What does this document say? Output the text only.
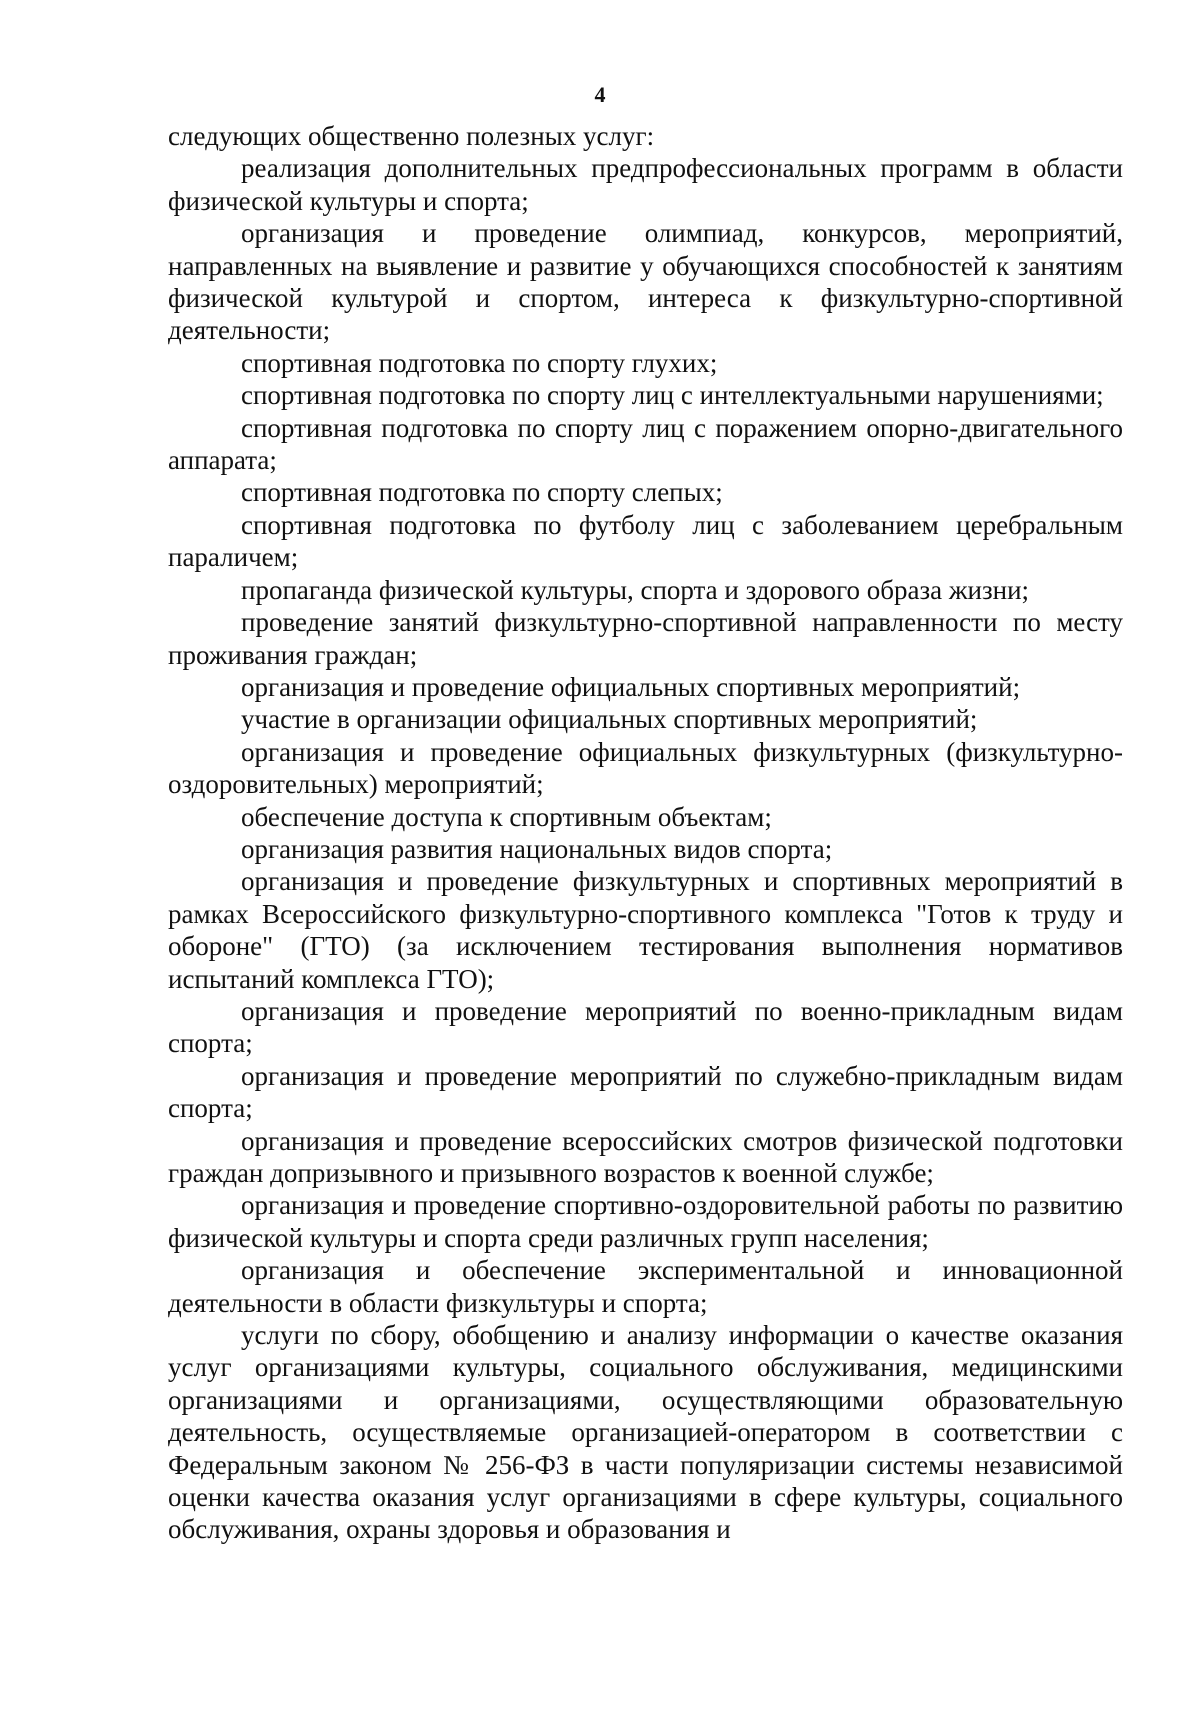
4

следующих общественно полезных услуг:

реализация дополнительных предпрофессиональных программ в области физической культуры и спорта;

организация и проведение олимпиад, конкурсов, мероприятий, направленных на выявление и развитие у обучающихся способностей к занятиям физической культурой и спортом, интереса к физкультурно-спортивной деятельности;

спортивная подготовка по спорту глухих;

спортивная подготовка по спорту лиц с интеллектуальными нарушениями;

спортивная подготовка по спорту лиц с поражением опорно-двигательного аппарата;

спортивная подготовка по спорту слепых;

спортивная подготовка по футболу лиц с заболеванием церебральным параличем;

пропаганда физической культуры, спорта и здорового образа жизни;

проведение занятий физкультурно-спортивной направленности по месту проживания граждан;

организация и проведение официальных спортивных мероприятий;

участие в организации официальных спортивных мероприятий;

организация и проведение официальных физкультурных (физкультурно-оздоровительных) мероприятий;

обеспечение доступа к спортивным объектам;

организация развития национальных видов спорта;

организация и проведение физкультурных и спортивных мероприятий в рамках Всероссийского физкультурно-спортивного комплекса "Готов к труду и обороне" (ГТО) (за исключением тестирования выполнения нормативов испытаний комплекса ГТО);

организация и проведение мероприятий по военно-прикладным видам спорта;

организация и проведение мероприятий по служебно-прикладным видам спорта;

организация и проведение всероссийских смотров физической подготовки граждан допризывного и призывного возрастов к военной службе;

организация и проведение спортивно-оздоровительной работы по развитию физической культуры и спорта среди различных групп населения;

организация и обеспечение экспериментальной и инновационной деятельности в области физкультуры и спорта;

услуги по сбору, обобщению и анализу информации о качестве оказания услуг организациями культуры, социального обслуживания, медицинскими организациями и организациями, осуществляющими образовательную деятельность, осуществляемые организацией-оператором в соответствии с Федеральным законом № 256-ФЗ в части популяризации системы независимой оценки качества оказания услуг организациями в сфере культуры, социального обслуживания, охраны здоровья и образования и
